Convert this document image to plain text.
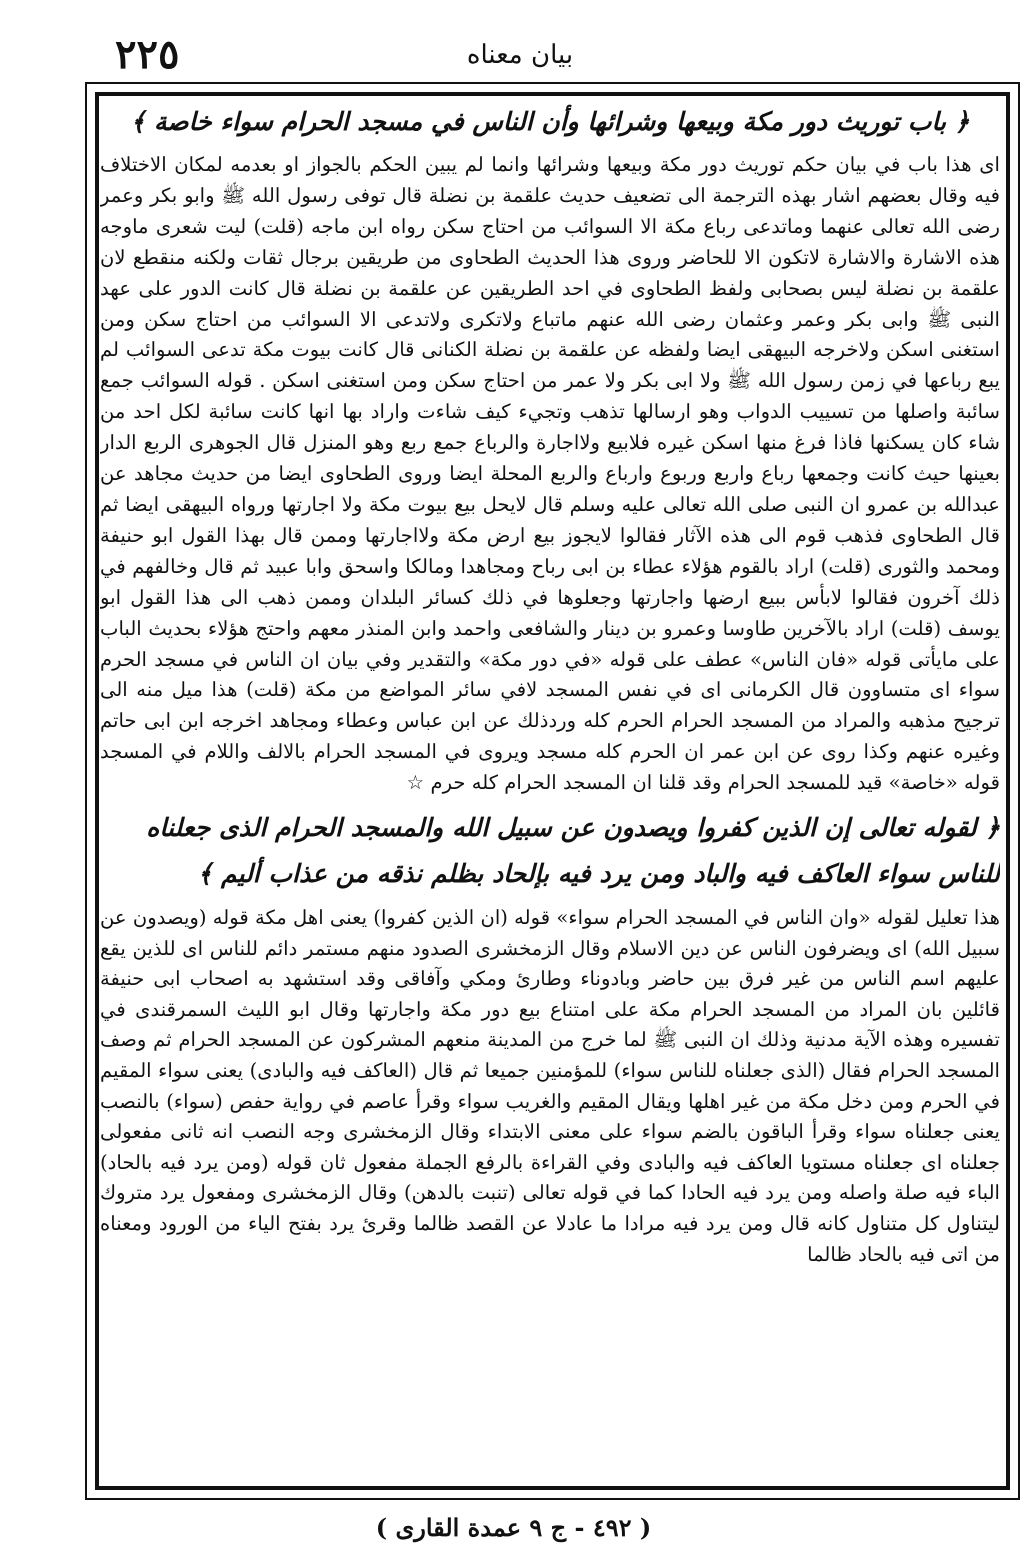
٢٢٥	بيان معناه
﴿ باب توريث دور مكة وبيعها وشرائها وأن الناس في مسجد الحرام سواء خاصة ﴾

اى هذا باب في بيان حكم توريث دور مكة وبيعها وشرائها وانما لم يبين الحكم بالجواز او بعدمه لمكان الاختلاف فيه وقال بعضهم اشار بهذه الترجمة الى تضعيف حديث علقمة بن نضلة قال توفى رسول الله ﷺ وابو بكر وعمر رضى الله تعالى عنهما وماتدعى رباع مكة الا السوائب من احتاج سكن رواه ابن ماجه (قلت) ليت شعرى ماوجه هذه الاشارة والاشارة لاتكون الا للحاضر وروى هذا الحديث الطحاوى من طريقين برجال ثقات ولكنه منقطع لان علقمة بن نضلة ليس بصحابى ولفظ الطحاوى في احد الطريقين عن علقمة بن نضلة قال كانت الدور على عهد النبى ﷺ وابى بكر وعمر وعثمان رضى الله عنهم ماتباع ولاتكرى ولاتدعى الا السوائب من احتاج سكن ومن استغنى اسكن ولاخرجه البيهقى ايضا ولفظه عن علقمة بن نضلة الكنانى قال كانت بيوت مكة تدعى السوائب لم يبع رباعها في زمن رسول الله ﷺ ولا ابى بكر ولا عمر من احتاج سكن ومن استغنى اسكن . قوله السوائب جمع سائبة واصلها من تسييب الدواب وهو ارسالها تذهب وتجيء كيف شاءت واراد بها انها كانت سائبة لكل احد من شاء كان يسكنها فاذا فرغ منها اسكن غيره فلابيع ولااجارة والرباع جمع ربع وهو المنزل قال الجوهرى الربع الدار بعينها حيث كانت وجمعها رباع واربع وربوع وارباع والربع المحلة ايضا وروى الطحاوى ايضا من حديث مجاهد عن عبدالله بن عمرو ان النبى صلى الله تعالى عليه وسلم قال لايحل بيع بيوت مكة ولا اجارتها ورواه البيهقى ايضا ثم قال الطحاوى فذهب قوم الى هذه الآثار فقالوا لايجوز بيع ارض مكة ولااجارتها وممن قال بهذا القول ابو حنيفة ومحمد والثورى (قلت) اراد بالقوم هؤلاء عطاء بن ابى رباح ومجاهدا ومالكا واسحق وابا عبيد ثم قال وخالفهم في ذلك آخرون فقالوا لابأس ببيع ارضها واجارتها وجعلوها في ذلك كسائر البلدان وممن ذهب الى هذا القول ابو يوسف (قلت) اراد بالآخرين طاوسا وعمرو بن دينار والشافعى واحمد وابن المنذر معهم واحتج هؤلاء بحديث الباب على مايأتى قوله «فان الناس» عطف على قوله «في دور مكة» والتقدير وفي بيان ان الناس في مسجد الحرم سواء اى متساوون قال الكرمانى اى في نفس المسجد لافي سائر المواضع من مكة (قلت) هذا ميل منه الى ترجيح مذهبه والمراد من المسجد الحرام الحرم كله وردذلك عن ابن عباس وعطاء ومجاهد اخرجه ابن ابى حاتم وغيره عنهم وكذا روى عن ابن عمر ان الحرم كله مسجد ويروى في المسجد الحرام بالالف واللام في المسجد قوله «خاصة» قيد للمسجد الحرام وقد قلنا ان المسجد الحرام كله حرم ☆

﴿ لقوله تعالى إن الذين كفروا ويصدون عن سبيل الله والمسجد الحرام الذى جعلناه للناس سواء العاكف فيه والباد ومن يرد فيه بإلحاد بظلم نذقه من عذاب أليم ﴾

هذا تعليل لقوله «وان الناس في المسجد الحرام سواء» قوله (ان الذين كفروا) يعنى اهل مكة قوله (ويصدون عن سبيل الله) اى ويضرفون الناس عن دين الاسلام وقال الزمخشرى الصدود منهم مستمر دائم للناس اى للذين يقع عليهم اسم الناس من غير فرق بين حاضر وبادوناء وطارئ ومكي وآفاقى وقد استشهد به اصحاب ابى حنيفة قائلين بان المراد من المسجد الحرام مكة على امتناع بيع دور مكة واجارتها وقال ابو الليث السمرقندى في تفسيره وهذه الآية مدنية وذلك ان النبى ﷺ لما خرج من المدينة منعهم المشركون عن المسجد الحرام ثم وصف المسجد الحرام فقال (الذى جعلناه للناس سواء) للمؤمنين جميعا ثم قال (العاكف فيه والبادى) يعنى سواء المقيم في الحرم ومن دخل مكة من غير اهلها ويقال المقيم والغريب سواء وقرأ عاصم في رواية حفص (سواء) بالنصب يعنى جعلناه سواء وقرأ الباقون بالضم سواء على معنى الابتداء وقال الزمخشرى وجه النصب انه ثانى مفعولى جعلناه اى جعلناه مستويا العاكف فيه والبادى وفي القراءة بالرفع الجملة مفعول ثان قوله (ومن يرد فيه بالحاد) الباء فيه صلة واصله ومن يرد فيه الحادا كما في قوله تعالى (تنبت بالدهن) وقال الزمخشرى ومفعول يرد متروك ليتناول كل متناول كانه قال ومن يرد فيه مرادا ما عادلا عن القصد ظالما وقرئ يرد بفتح الياء من الورود ومعناه من اتى فيه بالحاد ظالما

( ٤٩٢ - ج ٩ عمدة القارى )
